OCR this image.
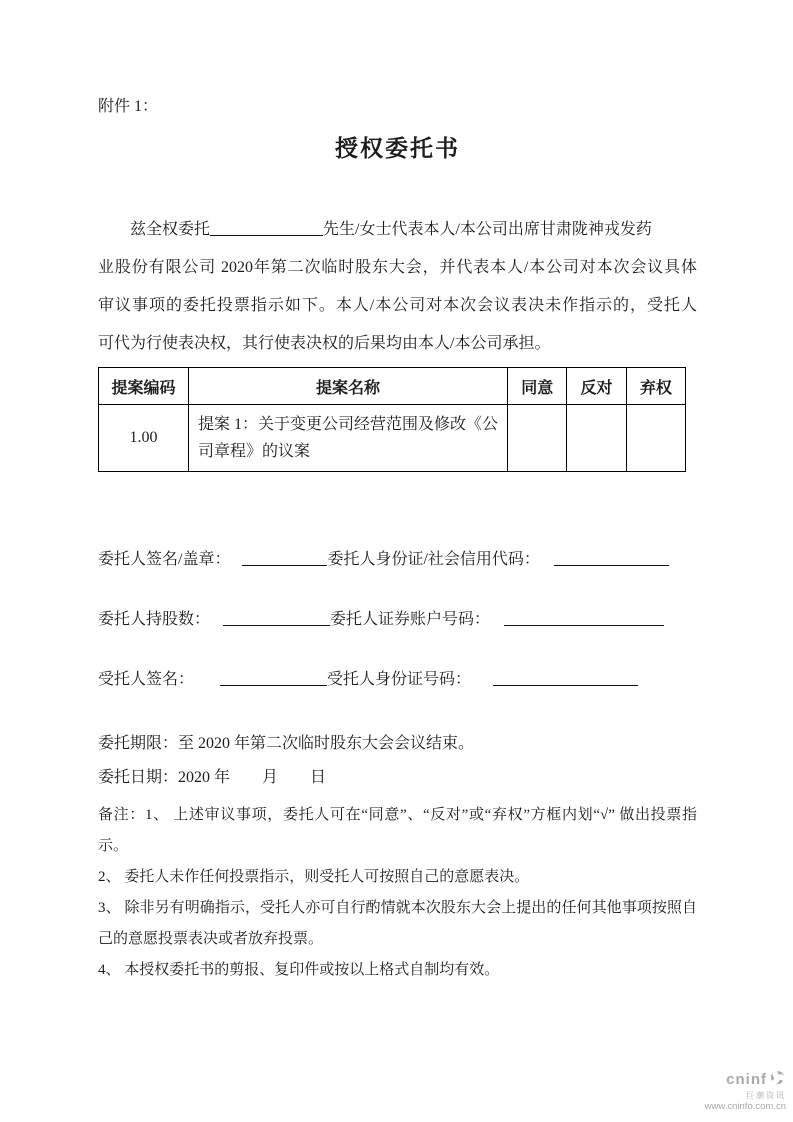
附件 1：
授权委托书
兹全权委托	先生/女士代表本人/本公司出席甘肃陇神戎发药
业股份有限公司 2020年第二次临时股东大会，并代表本人/本公司对本次会议具体
审议事项的委托投票指示如下。本人/本公司对本次会议表决未作指示的，受托人
可代为行使表决权，其行使表决权的后果均由本人/本公司承担。
提案编码	提案名称	同意	反对	弃权
1.00	提案 1：关于变更公司经营范围及修改《公司章程》的议案			
委托人签名/盖章：	委托人身份证/社会信用代码：
委托人持股数：	委托人证券账户号码：
受托人签名：	受托人身份证号码：
委托期限：至 2020 年第二次临时股东大会会议结束。
委托日期：2020 年　　月　　日
备注：1、 上述审议事项，委托人可在“同意”、“反对”或“弃权”方框内划“√” 做出投票指示。
2、 委托人未作任何投票指示，则受托人可按照自己的意愿表决。
3、 除非另有明确指示，受托人亦可自行酌情就本次股东大会上提出的任何其他事项按照自己的意愿投票表决或者放弃投票。
4、 本授权委托书的剪报、复印件或按以上格式自制均有效。
cninf
巨潮资讯
www.cninfo.com.cn
